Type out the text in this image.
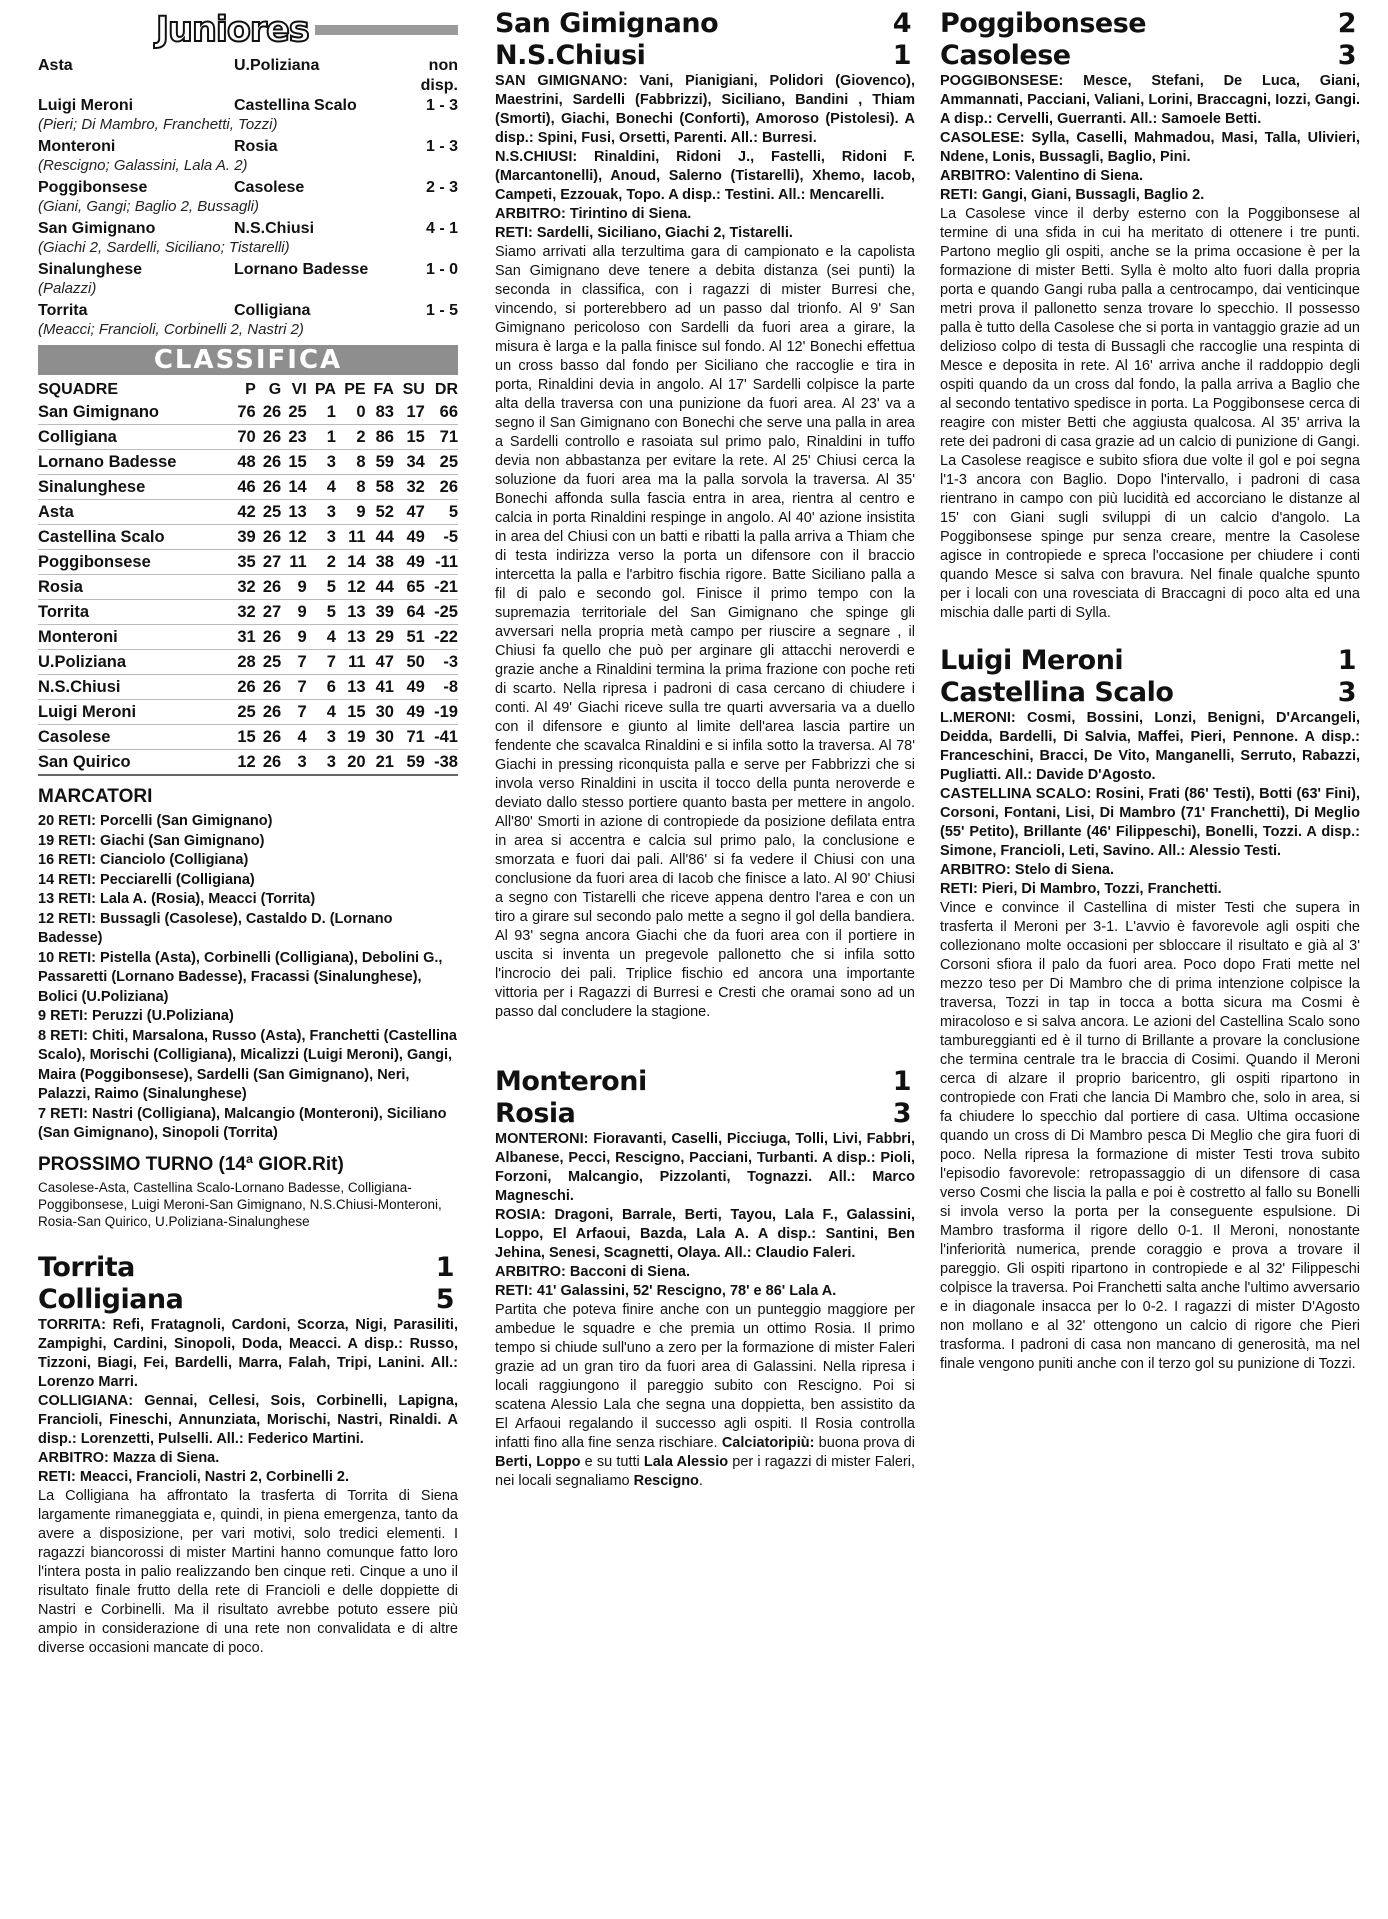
Juniores
Asta	U.Poliziana	non disp.
Luigi Meroni	Castellina Scalo	1 - 3
(Pieri; Di Mambro, Franchetti, Tozzi)
Monteroni	Rosia	1 - 3
(Rescigno; Galassini, Lala A. 2)
Poggibonsese	Casolese	2 - 3
(Giani, Gangi; Baglio 2, Bussagli)
San Gimignano	N.S.Chiusi	4 - 1
(Giachi 2, Sardelli, Siciliano; Tistarelli)
Sinalunghese	Lornano Badesse	1 - 0
(Palazzi)
Torrita	Colligiana	1 - 5
(Meacci; Francioli, Corbinelli 2, Nastri 2)
CLASSIFICA
SQUADRE	P	G	VI	PA	PE	FA	SU	DR
San Gimignano	76	26	25	1	0	83	17	66
Colligiana	70	26	23	1	2	86	15	71
Lornano Badesse	48	26	15	3	8	59	34	25
Sinalunghese	46	26	14	4	8	58	32	26
Asta	42	25	13	3	9	52	47	5
Castellina Scalo	39	26	12	3	11	44	49	-5
Poggibonsese	35	27	11	2	14	38	49	-11
Rosia	32	26	9	5	12	44	65	-21
Torrita	32	27	9	5	13	39	64	-25
Monteroni	31	26	9	4	13	29	51	-22
U.Poliziana	28	25	7	7	11	47	50	-3
N.S.Chiusi	26	26	7	6	13	41	49	-8
Luigi Meroni	25	26	7	4	15	30	49	-19
Casolese	15	26	4	3	19	30	71	-41
San Quirico	12	26	3	3	20	21	59	-38
MARCATORI
20 RETI: Porcelli (San Gimignano)
19 RETI: Giachi (San Gimignano)
16 RETI: Cianciolo (Colligiana)
14 RETI: Pecciarelli (Colligiana)
13 RETI: Lala A. (Rosia), Meacci (Torrita)
12 RETI: Bussagli (Casolese), Castaldo D. (Lornano Badesse)
10 RETI: Pistella (Asta), Corbinelli (Colligiana), Debolini G., Passaretti (Lornano Badesse), Fracassi (Sinalunghese), Bolici (U.Poliziana)
9 RETI: Peruzzi (U.Poliziana)
8 RETI: Chiti, Marsalona, Russo (Asta), Franchetti (Castellina Scalo), Morischi (Colligiana), Micalizzi (Luigi Meroni), Gangi, Maira (Poggibonsese), Sardelli (San Gimignano), Neri, Palazzi, Raimo (Sinalunghese)
7 RETI: Nastri (Colligiana), Malcangio (Monteroni), Siciliano (San Gimignano), Sinopoli (Torrita)
PROSSIMO TURNO (14ª GIOR.Rit)
Casolese-Asta, Castellina Scalo-Lornano Badesse, Colligiana-Poggibonsese, Luigi Meroni-San Gimignano, N.S.Chiusi-Monteroni, Rosia-San Quirico, U.Poliziana-Sinalunghese
Torrita	1
Colligiana	5
TORRITA: Refi, Fratagnoli, Cardoni, Scorza, Nigi, Parasiliti, Zampighi, Cardini, Sinopoli, Doda, Meacci. A disp.: Russo, Tizzoni, Biagi, Fei, Bardelli, Marra, Falah, Tripi, Lanini. All.: Lorenzo Marri.
COLLIGIANA: Gennai, Cellesi, Sois, Corbinelli, Lapigna, Francioli, Fineschi, Annunziata, Morischi, Nastri, Rinaldi. A disp.: Lorenzetti, Pulselli. All.: Federico Martini.
ARBITRO: Mazza di Siena.
RETI: Meacci, Francioli, Nastri 2, Corbinelli 2.
La Colligiana ha affrontato la trasferta di Torrita di Siena largamente rimaneggiata e, quindi, in piena emergenza, tanto da avere a disposizione, per vari motivi, solo tredici elementi. I ragazzi biancorossi di mister Martini hanno comunque fatto loro l'intera posta in palio realizzando ben cinque reti. Cinque a uno il risultato finale frutto della rete di Francioli e delle doppiette di Nastri e Corbinelli. Ma il risultato avrebbe potuto essere più ampio in considerazione di una rete non convalidata e di altre diverse occasioni mancate di poco.
San Gimignano	4
N.S.Chiusi	1
SAN GIMIGNANO: Vani, Pianigiani, Polidori (Giovenco), Maestrini, Sardelli (Fabbrizzi), Siciliano, Bandini , Thiam (Smorti), Giachi, Bonechi (Conforti), Amoroso (Pistolesi). A disp.: Spini, Fusi, Orsetti, Parenti. All.: Burresi.
N.S.CHIUSI: Rinaldini, Ridoni J., Fastelli, Ridoni F. (Marcantonelli), Anoud, Salerno (Tistarelli), Xhemo, Iacob, Campeti, Ezzouak, Topo. A disp.: Testini. All.: Mencarelli.
ARBITRO: Tirintino di Siena.
RETI: Sardelli, Siciliano, Giachi 2, Tistarelli.
Siamo arrivati alla terzultima gara di campionato e la capolista San Gimignano deve tenere a debita distanza (sei punti) la seconda in classifica, con i ragazzi di mister Burresi che, vincendo, si porterebbero ad un passo dal trionfo. Al 9' San Gimignano pericoloso con Sardelli da fuori area a girare, la misura è larga e la palla finisce sul fondo. Al 12' Bonechi effettua un cross basso dal fondo per Siciliano che raccoglie e tira in porta, Rinaldini devia in angolo. Al 17' Sardelli colpisce la parte alta della traversa con una punizione da fuori area. Al 23' va a segno il San Gimignano con Bonechi che serve una palla in area a Sardelli controllo e rasoiata sul primo palo, Rinaldini in tuffo devia non abbastanza per evitare la rete. Al 25' Chiusi cerca la soluzione da fuori area ma la palla sorvola la traversa. Al 35' Bonechi affonda sulla fascia entra in area, rientra al centro e calcia in porta Rinaldini respinge in angolo. Al 40' azione insistita in area del Chiusi con un batti e ribatti la palla arriva a Thiam che di testa indirizza verso la porta un difensore con il braccio intercetta la palla e l'arbitro fischia rigore. Batte Siciliano palla a fil di palo e secondo gol. Finisce il primo tempo con la supremazia territoriale del San Gimignano che spinge gli avversari nella propria metà campo per riuscire a segnare , il Chiusi fa quello che può per arginare gli attacchi neroverdi e grazie anche a Rinaldini termina la prima frazione con poche reti di scarto. Nella ripresa i padroni di casa cercano di chiudere i conti. Al 49' Giachi riceve sulla tre quarti avversaria va a duello con il difensore e giunto al limite dell'area lascia partire un fendente che scavalca Rinaldini e si infila sotto la traversa. Al 78' Giachi in pressing riconquista palla e serve per Fabbrizzi che si invola verso Rinaldini in uscita il tocco della punta neroverde e deviato dallo stesso portiere quanto basta per mettere in angolo. All'80' Smorti in azione di contropiede da posizione defilata entra in area si accentra e calcia sul primo palo, la conclusione e smorzata e fuori dai pali. All'86' si fa vedere il Chiusi con una conclusione da fuori area di Iacob che finisce a lato. Al 90' Chiusi a segno con Tistarelli che riceve appena dentro l'area e con un tiro a girare sul secondo palo mette a segno il gol della bandiera. Al 93' segna ancora Giachi che da fuori area con il portiere in uscita si inventa un pregevole pallonetto che si infila sotto l'incrocio dei pali. Triplice fischio ed ancora una importante vittoria per i Ragazzi di Burresi e Cresti che oramai sono ad un passo dal concludere la stagione.
Monteroni	1
Rosia	3
MONTERONI: Fioravanti, Caselli, Picciuga, Tolli, Livi, Fabbri, Albanese, Pecci, Rescigno, Pacciani, Turbanti. A disp.: Pioli, Forzoni, Malcangio, Pizzolanti, Tognazzi. All.: Marco Magneschi.
ROSIA: Dragoni, Barrale, Berti, Tayou, Lala F., Galassini, Loppo, El Arfaoui, Bazda, Lala A. A disp.: Santini, Ben Jehina, Senesi, Scagnetti, Olaya. All.: Claudio Faleri.
ARBITRO: Bacconi di Siena.
RETI: 41' Galassini, 52' Rescigno, 78' e 86' Lala A.
Partita che poteva finire anche con un punteggio maggiore per ambedue le squadre e che premia un ottimo Rosia. Il primo tempo si chiude sull'uno a zero per la formazione di mister Faleri grazie ad un gran tiro da fuori area di Galassini. Nella ripresa i locali raggiungono il pareggio subito con Rescigno. Poi si scatena Alessio Lala che segna una doppietta, ben assistito da El Arfaoui regalando il successo agli ospiti. Il Rosia controlla infatti fino alla fine senza rischiare. Calciatoripiù: buona prova di Berti, Loppo e su tutti Lala Alessio per i ragazzi di mister Faleri, nei locali segnaliamo Rescigno.
Poggibonsese	2
Casolese	3
POGGIBONSESE: Mesce, Stefani, De Luca, Giani, Ammannati, Pacciani, Valiani, Lorini, Braccagni, Iozzi, Gangi. A disp.: Cervelli, Guerranti. All.: Samoele Betti.
CASOLESE: Sylla, Caselli, Mahmadou, Masi, Talla, Ulivieri, Ndene, Lonis, Bussagli, Baglio, Pini.
ARBITRO: Valentino di Siena.
RETI: Gangi, Giani, Bussagli, Baglio 2.
La Casolese vince il derby esterno con la Poggibonsese al termine di una sfida in cui ha meritato di ottenere i tre punti. Partono meglio gli ospiti, anche se la prima occasione è per la formazione di mister Betti. Sylla è molto alto fuori dalla propria porta e quando Gangi ruba palla a centrocampo, dai venticinque metri prova il pallonetto senza trovare lo specchio. Il possesso palla è tutto della Casolese che si porta in vantaggio grazie ad un delizioso colpo di testa di Bussagli che raccoglie una respinta di Mesce e deposita in rete. Al 16' arriva anche il raddoppio degli ospiti quando da un cross dal fondo, la palla arriva a Baglio che al secondo tentativo spedisce in porta. La Poggibonsese cerca di reagire con mister Betti che aggiusta qualcosa. Al 35' arriva la rete dei padroni di casa grazie ad un calcio di punizione di Gangi. La Casolese reagisce e subito sfiora due volte il gol e poi segna l'1-3 ancora con Baglio. Dopo l'intervallo, i padroni di casa rientrano in campo con più lucidità ed accorciano le distanze al 15' con Giani sugli sviluppi di un calcio d'angolo. La Poggibonsese spinge pur senza creare, mentre la Casolese agisce in contropiede e spreca l'occasione per chiudere i conti quando Mesce si salva con bravura. Nel finale qualche spunto per i locali con una rovesciata di Braccagni di poco alta ed una mischia dalle parti di Sylla.
Luigi Meroni	1
Castellina Scalo	3
L.MERONI: Cosmi, Bossini, Lonzi, Benigni, D'Arcangeli, Deidda, Bardelli, Di Salvia, Maffei, Pieri, Pennone. A disp.: Franceschini, Bracci, De Vito, Manganelli, Serruto, Rabazzi, Pugliatti. All.: Davide D'Agosto.
CASTELLINA SCALO: Rosini, Frati (86' Testi), Botti (63' Fini), Corsoni, Fontani, Lisi, Di Mambro (71' Franchetti), Di Meglio (55' Petito), Brillante (46' Filippeschi), Bonelli, Tozzi. A disp.: Simone, Francioli, Leti, Savino. All.: Alessio Testi.
ARBITRO: Stelo di Siena.
RETI: Pieri, Di Mambro, Tozzi, Franchetti.
Vince e convince il Castellina di mister Testi che supera in trasferta il Meroni per 3-1. L'avvio è favorevole agli ospiti che collezionano molte occasioni per sbloccare il risultato e già al 3' Corsoni sfiora il palo da fuori area. Poco dopo Frati mette nel mezzo teso per Di Mambro che di prima intenzione colpisce la traversa, Tozzi in tap in tocca a botta sicura ma Cosmi è miracoloso e si salva ancora. Le azioni del Castellina Scalo sono tambureggianti ed è il turno di Brillante a provare la conclusione che termina centrale tra le braccia di Cosimi. Quando il Meroni cerca di alzare il proprio baricentro, gli ospiti ripartono in contropiede con Frati che lancia Di Mambro che, solo in area, si fa chiudere lo specchio dal portiere di casa. Ultima occasione quando un cross di Di Mambro pesca Di Meglio che gira fuori di poco. Nella ripresa la formazione di mister Testi trova subito l'episodio favorevole: retropassaggio di un difensore di casa verso Cosmi che liscia la palla e poi è costretto al fallo su Bonelli si invola verso la porta per la conseguente espulsione. Di Mambro trasforma il rigore dello 0-1. Il Meroni, nonostante l'inferiorità numerica, prende coraggio e prova a trovare il pareggio. Gli ospiti ripartono in contropiede e al 32' Filippeschi colpisce la traversa. Poi Franchetti salta anche l'ultimo avversario e in diagonale insacca per lo 0-2. I ragazzi di mister D'Agosto non mollano e al 32' ottengono un calcio di rigore che Pieri trasforma. I padroni di casa non mancano di generosità, ma nel finale vengono puniti anche con il terzo gol su punizione di Tozzi.
